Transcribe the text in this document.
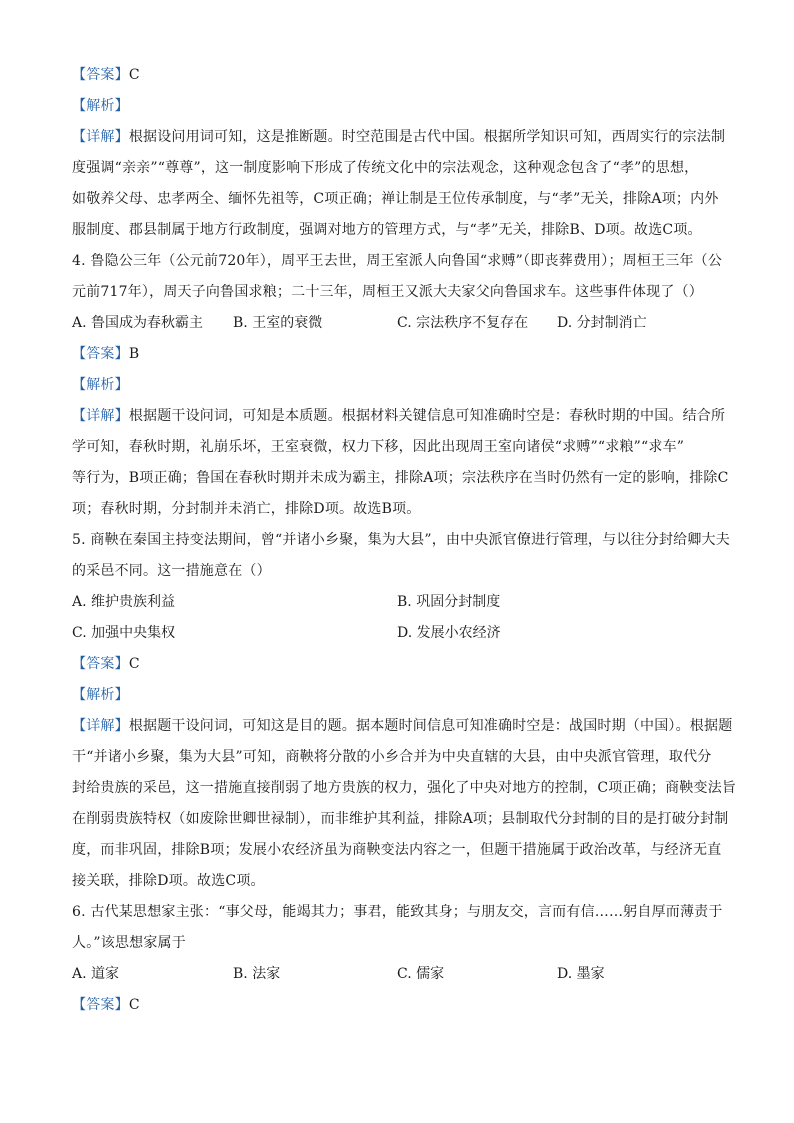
【答案】C
【解析】
【详解】根据设问用词可知，这是推断题。时空范围是古代中国。根据所学知识可知，西周实行的宗法制
度强调“亲亲”“尊尊”，这一制度影响下形成了传统文化中的宗法观念，这种观念包含了“孝”的思想，
如敬养父母、忠孝两全、缅怀先祖等，C项正确；禅让制是王位传承制度，与“孝”无关，排除A项；内外
服制度、郡县制属于地方行政制度，强调对地方的管理方式，与“孝”无关，排除B、D项。故选C项。
4. 鲁隐公三年（公元前720年），周平王去世，周王室派人向鲁国“求赙”（即丧葬费用）；周桓王三年（公
元前717年），周天子向鲁国求粮；二十三年，周桓王又派大夫家父向鲁国求车。这些事件体现了（）
A. 鲁国成为春秋霸主 B. 王室的衰微	C. 宗法秩序不复存在 D. 分封制消亡
【答案】B
【解析】
【详解】根据题干设问词，可知是本质题。根据材料关键信息可知准确时空是：春秋时期的中国。结合所
学可知，春秋时期，礼崩乐坏，王室衰微，权力下移，因此出现周王室向诸侯“求赙”“求粮”“求车”
等行为，B项正确；鲁国在春秋时期并未成为霸主，排除A项；宗法秩序在当时仍然有一定的影响，排除C
项；春秋时期，分封制并未消亡，排除D项。故选B项。
5. 商鞅在秦国主持变法期间，曾“并诸小乡聚，集为大县”，由中央派官僚进行管理，与以往分封给卿大夫
的采邑不同。这一措施意在（）
A. 维护贵族利益	B. 巩固分封制度
C. 加强中央集权	D. 发展小农经济
【答案】C
【解析】
【详解】根据题干设问词，可知这是目的题。据本题时间信息可知准确时空是：战国时期（中国）。根据题
干“并诸小乡聚，集为大县”可知，商鞅将分散的小乡合并为中央直辖的大县，由中央派官管理，取代分
封给贵族的采邑，这一措施直接削弱了地方贵族的权力，强化了中央对地方的控制，C项正确；商鞅变法旨
在削弱贵族特权（如废除世卿世禄制），而非维护其利益，排除A项；县制取代分封制的目的是打破分封制
度，而非巩固，排除B项；发展小农经济虽为商鞅变法内容之一，但题干措施属于政治改革，与经济无直
接关联，排除D项。故选C项。
6. 古代某思想家主张：“事父母，能竭其力；事君，能致其身；与朋友交，言而有信……躬自厚而薄责于
人。”该思想家属于
A. 道家	B. 法家	C. 儒家	D. 墨家
【答案】C
